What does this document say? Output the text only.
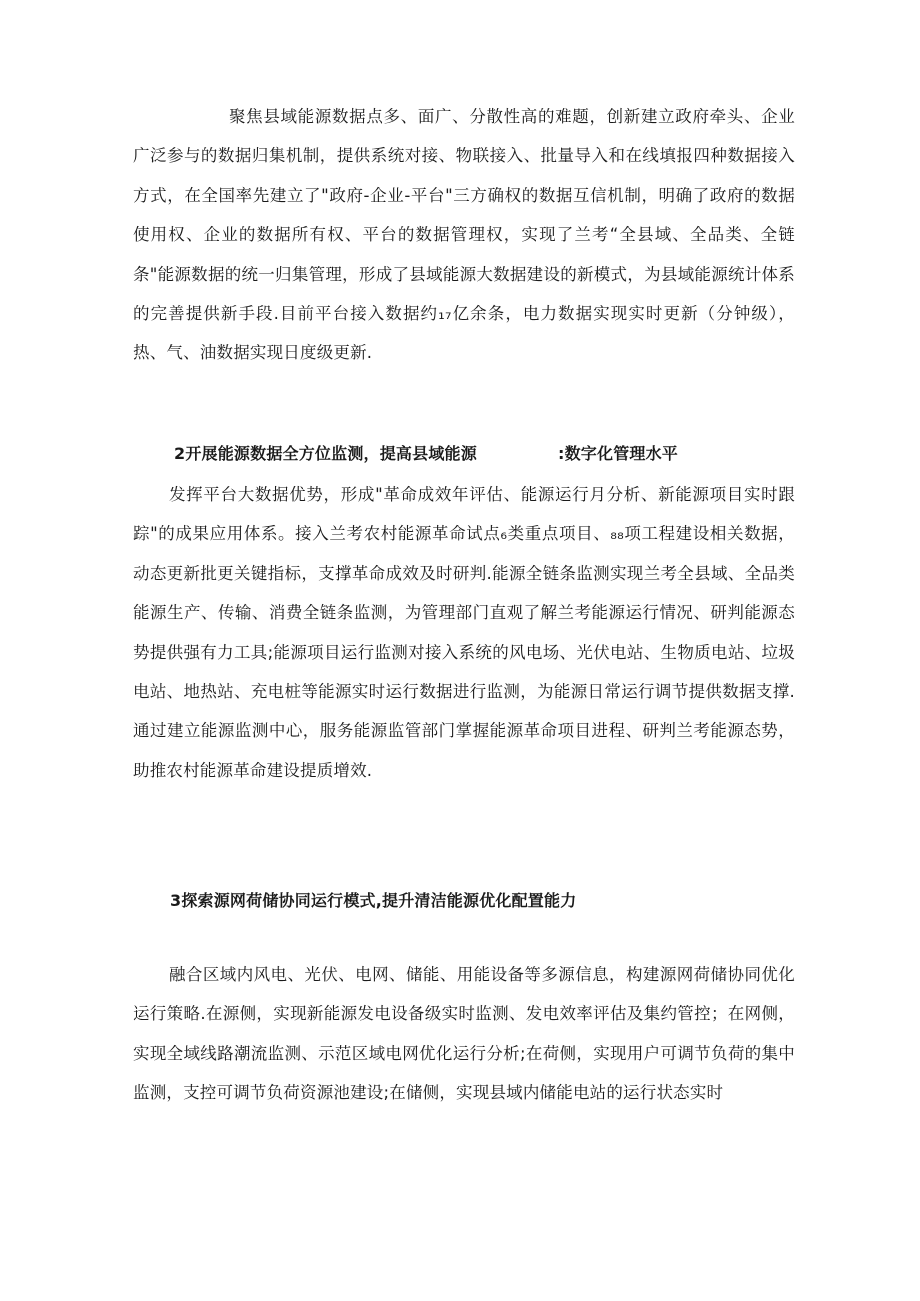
聚焦县域能源数据点多、面广、分散性高的难题，创新建立政府牵头、企业广泛参与的数据归集机制，提供系统对接、物联接入、批量导入和在线填报四种数据接入方式，在全国率先建立了"政府-企业-平台"三方确权的数据互信机制，明确了政府的数据使用权、企业的数据所有权、平台的数据管理权，实现了兰考“全县域、全品类、全链条"能源数据的统一归集管理，形成了县域能源大数据建设的新模式，为县域能源统计体系的完善提供新手段.目前平台接入数据约₁₇亿余条，电力数据实现实时更新（分钟级），热、气、油数据实现日度级更新.

2开展能源数据全方位监测，提高县域能源	:数字化管理水平

发挥平台大数据优势，形成"革命成效年评估、能源运行月分析、新能源项目实时跟踪"的成果应用体系。接入兰考农村能源革命试点₆类重点项目、₈₈项工程建设相关数据，动态更新批更关键指标，支撑革命成效及时研判.能源全链条监测实现兰考全县域、全品类能源生产、传输、消费全链条监测，为管理部门直观了解兰考能源运行情况、研判能源态势提供强有力工具;能源项目运行监测对接入系统的风电场、光伏电站、生物质电站、垃圾电站、地热站、充电桩等能源实时运行数据进行监测，为能源日常运行调节提供数据支撑.通过建立能源监测中心，服务能源监管部门掌握能源革命项目进程、研判兰考能源态势，助推农村能源革命建设提质增效.

3探索源网荷储协同运行模式,提升清洁能源优化配置能力

融合区域内风电、光伏、电网、储能、用能设备等多源信息，构建源网荷储协同优化运行策略.在源侧，实现新能源发电设备级实时监测、发电效率评估及集约管控；在网侧，实现全域线路潮流监测、示范区域电网优化运行分析;在荷侧，实现用户可调节负荷的集中监测，支控可调节负荷资源池建设;在储侧，实现县域内储能电站的运行状态实时
